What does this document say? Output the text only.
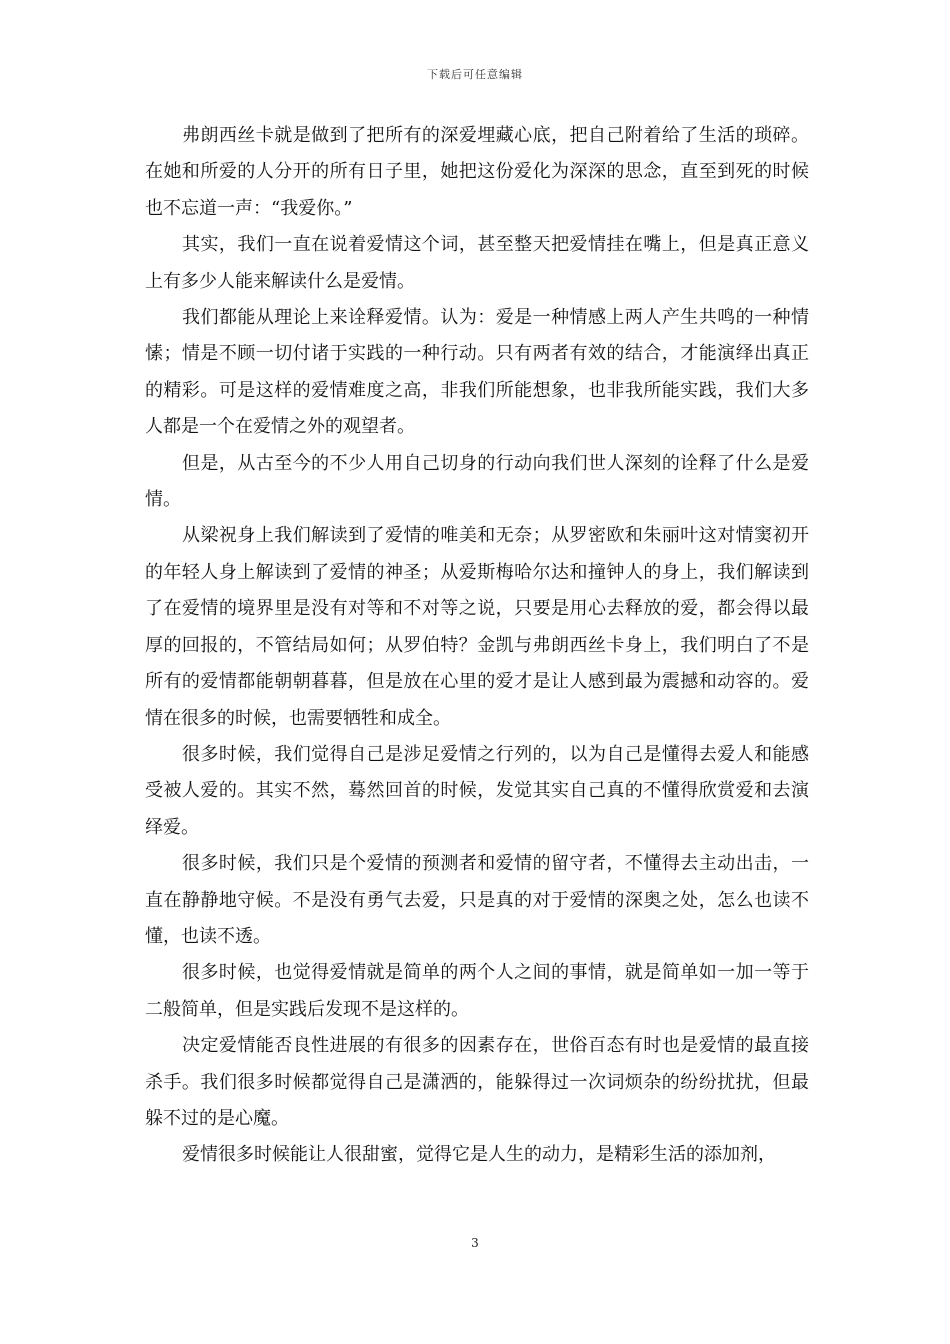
下载后可任意编辑

弗朗西丝卡就是做到了把所有的深爱埋藏心底，把自己附着给了生活的琐碎。在她和所爱的人分开的所有日子里，她把这份爱化为深深的思念，直至到死的时候也不忘道一声：“我爱你。”

其实，我们一直在说着爱情这个词，甚至整天把爱情挂在嘴上，但是真正意义上有多少人能来解读什么是爱情。

我们都能从理论上来诠释爱情。认为：爱是一种情感上两人产生共鸣的一种情愫；情是不顾一切付诸于实践的一种行动。只有两者有效的结合，才能演绎出真正的精彩。可是这样的爱情难度之高，非我们所能想象，也非我所能实践，我们大多人都是一个在爱情之外的观望者。

但是，从古至今的不少人用自己切身的行动向我们世人深刻的诠释了什么是爱情。

从梁祝身上我们解读到了爱情的唯美和无奈；从罗密欧和朱丽叶这对情窦初开的年轻人身上解读到了爱情的神圣；从爱斯梅哈尔达和撞钟人的身上，我们解读到了在爱情的境界里是没有对等和不对等之说，只要是用心去释放的爱，都会得以最厚的回报的，不管结局如何；从罗伯特？金凯与弗朗西丝卡身上，我们明白了不是所有的爱情都能朝朝暮暮，但是放在心里的爱才是让人感到最为震撼和动容的。爱情在很多的时候，也需要牺牲和成全。

很多时候，我们觉得自己是涉足爱情之行列的，以为自己是懂得去爱人和能感受被人爱的。其实不然，蓦然回首的时候，发觉其实自己真的不懂得欣赏爱和去演绎爱。

很多时候，我们只是个爱情的预测者和爱情的留守者，不懂得去主动出击，一直在静静地守候。不是没有勇气去爱，只是真的对于爱情的深奥之处，怎么也读不懂，也读不透。

很多时候，也觉得爱情就是简单的两个人之间的事情，就是简单如一加一等于二般简单，但是实践后发现不是这样的。

决定爱情能否良性进展的有很多的因素存在，世俗百态有时也是爱情的最直接杀手。我们很多时候都觉得自己是潇洒的，能躲得过一次词烦杂的纷纷扰扰，但最躲不过的是心魔。

爱情很多时候能让人很甜蜜，觉得它是人生的动力，是精彩生活的添加剂，

3
